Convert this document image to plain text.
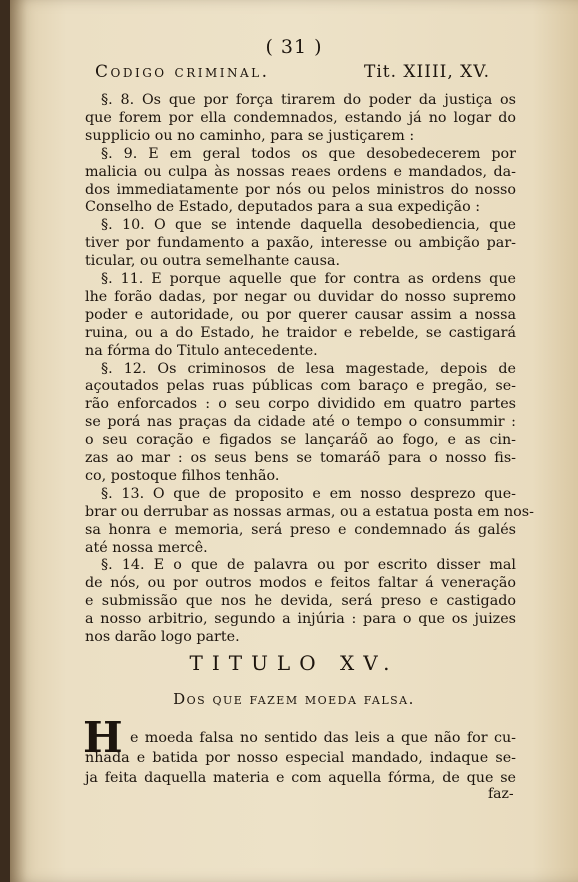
( 31 )
Codigo criminal.	Tit. XIIII, XV.
TITULO XV.
Dos que fazem moeda falsa.
H e moeda falsa no sentido das leis a que não for cu-
nhada e batida por nosso especial mandado, indaque se-
ja feita daquella materia e com aquella fórma, de que se
faz-
§. 8. Os que por força tirarem do poder da justiça os
que forem por ella condemnados, estando já no logar do
supplicio ou no caminho, para se justiçarem :
§. 9. E em geral todos os que desobedecerem por
malicia ou culpa às nossas reaes ordens e mandados, da-
dos immediatamente por nós ou pelos ministros do nosso
Conselho de Estado, deputados para a sua expedição :
§. 10. O que se intende daquella desobediencia, que
tiver por fundamento a paxão, interesse ou ambição par-
ticular, ou outra semelhante causa.
§. 11. E porque aquelle que for contra as ordens que
lhe forão dadas, por negar ou duvidar do nosso supremo
poder e autoridade, ou por querer causar assim a nossa
ruina, ou a do Estado, he traidor e rebelde, se castigará
na fórma do Titulo antecedente.
§. 12. Os criminosos de lesa magestade, depois de
açoutados pelas ruas públicas com baraço e pregão, se-
rão enforcados : o seu corpo dividido em quatro partes
se porá nas praças da cidade até o tempo o consummir :
o seu coração e figados se lançaráõ ao fogo, e as cin-
zas ao mar : os seus bens se tomaráõ para o nosso fis-
co, postoque filhos tenhão.
§. 13. O que de proposito e em nosso desprezo que-
brar ou derrubar as nossas armas, ou a estatua posta em nos-
sa honra e memoria, será preso e condemnado ás galés
até nossa mercê.
§. 14. E o que de palavra ou por escrito disser mal
de nós, ou por outros modos e feitos faltar á veneração
e submissão que nos he devida, será preso e castigado
a nosso arbitrio, segundo a injúria : para o que os juizes
nos darão logo parte.
